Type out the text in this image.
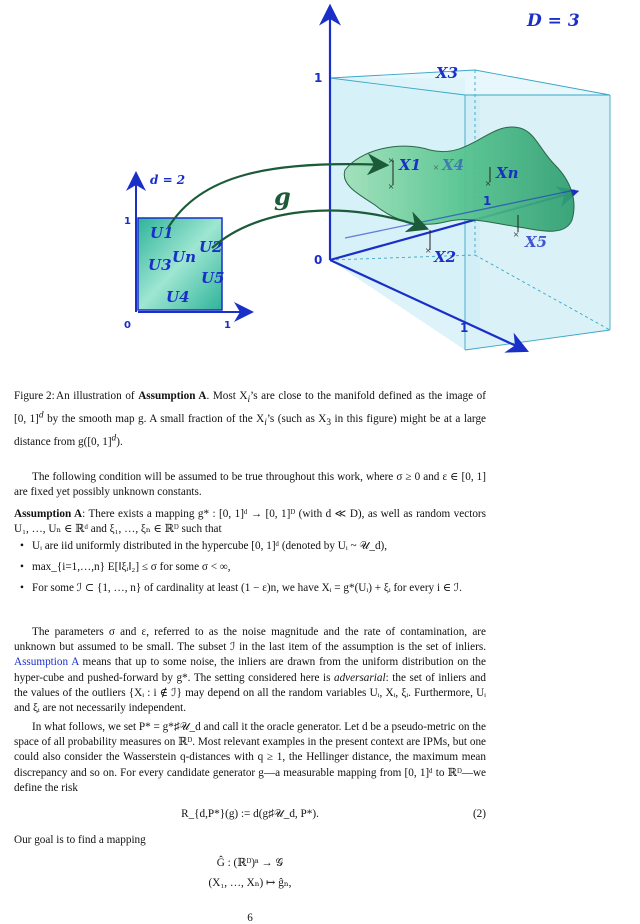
D = 3
1
1
1
0
×
× X1
× X2
X3
× X4
×
Xn
× X5
d = 2
1
1
0
U1
U2
U3 Un
U5
U4
g
Figure 2:An illustration of Assumption A. Most $X_i’s$ are close to the manifold defined as the image of [0, 1]$^d$ by the smooth map g. A small fraction of the $X_i’s$ (such as $X_3$ in this figure) might be at a large distance from g([0, 1]$^d$).
The following condition will be assumed to be true throughout this work, where σ ≥ 0 and ε ∈ [0, 1] are fixed yet possibly unknown constants.
Assumption A: There exists a mapping g* : [0, 1]ᵈ → [0, 1]ᴰ (with d ≪ D), as well as random vectors U₁, …, Uₙ ∈ ℝᵈ and ξ₁, …, ξₙ ∈ ℝᴰ such that
• Uᵢ are iid uniformly distributed in the hypercube [0, 1]ᵈ (denoted by Uᵢ ~ 𝒰_d),
• max_{i=1,…,n} E[‖ξᵢ‖₂] ≤ σ for some σ < ∞,
• For some ℐ ⊂ {1, …, n} of cardinality at least (1 − ε)n, we have Xᵢ = g*(Uᵢ) + ξᵢ for every i ∈ ℐ.
The parameters σ and ε, referred to as the noise magnitude and the rate of contamination, are unknown but assumed to be small. The subset ℐ in the last item of the assumption is the set of inliers. Assumption A means that up to some noise, the inliers are drawn from the uniform distribution on the hyper-cube and pushed-forward by g*. The setting considered here is adversarial: the set of inliers and the values of the outliers {Xᵢ : i ∉ ℐ} may depend on all the random variables Uᵢ, Xᵢ, ξᵢ. Furthermore, Uᵢ and ξᵢ are not necessarily independent.
In what follows, we set P* = g*♯𝒰_d and call it the oracle generator. Let d be a pseudo-metric on the space of all probability measures on ℝᴰ. Most relevant examples in the present context are IPMs, but one could also consider the Wasserstein q-distances with q ≥ 1, the Hellinger distance, the maximum mean discrepancy and so on. For every candidate generator g—a measurable mapping from [0, 1]ᵈ to ℝᴰ—we define the risk
R_{d,P*}(g) := d(g♯𝒰_d, P*).	(2)
Our goal is to find a mapping
Ĝ : (ℝᴰ)ⁿ → 𝒢
(X₁, …, Xₙ) ↦ ĝₙ,
6
